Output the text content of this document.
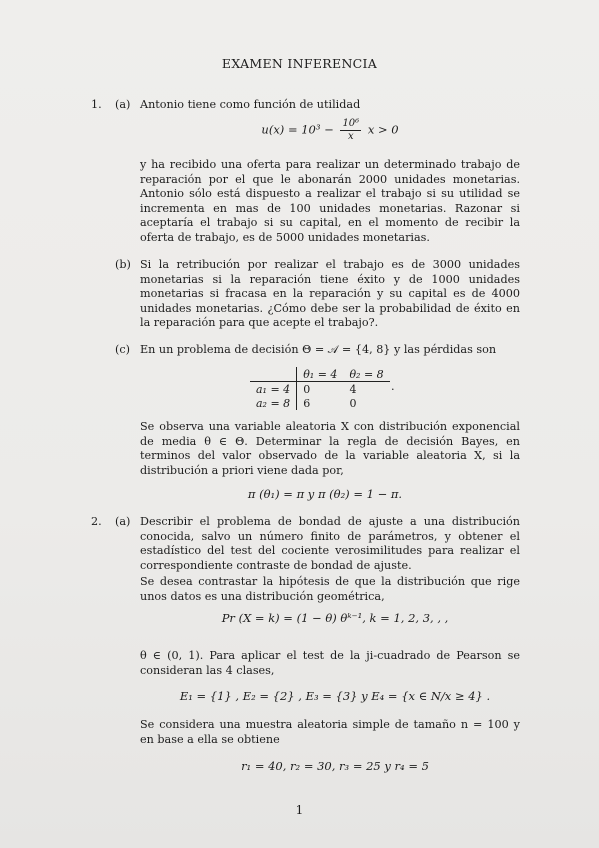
EXAMEN INFERENCIA
1. (a) Antonio tiene como función de utilidad
$u(x) = 10^3 - \frac{\text{10⁶}}{x}$ x > 0
y ha recibido una oferta para realizar un determinado trabajo de reparación por el que le abonarán 2000 unidades monetarias. Antonio sólo está dispuesto a realizar el trabajo si su utilidad se incrementa en mas de 100 unidades monetarias. Razonar si aceptaría el trabajo si su capital, en el momento de recibir la oferta de trabajo, es de 5000 unidades monetarias.
(b) Si la retribución por realizar el trabajo es de 3000 unidades monetarias si la reparación tiene éxito y de 1000 unidades monetarias si fracasa en la reparación y su capital es de 4000 unidades monetarias. ¿Cómo debe ser la probabilidad de éxito en la reparación para que acepte el trabajo?.
(c) En un problema de decisión Θ = 𝒜 = {4, 8} y las pérdidas son
	θ₁ = 4	θ₂ = 8
a₁ = 4	0	4
a₂ = 8	6	0
.
Se observa una variable aleatoria X con distribución exponencial de media θ ∈ Θ. Determinar la regla de decisión Bayes, en terminos del valor observado de la variable aleatoria X, si la distribución a priori viene dada por,
π (θ₁) = π y π (θ₂) = 1 − π.
2. (a) Describir el problema de bondad de ajuste a una distribución conocida, salvo un número finito de parámetros, y obtener el estadístico del test del cociente verosimilitudes para realizar el correspondiente contraste de bondad de ajuste.
Se desea contrastar la hipótesis de que la distribución que rige unos datos es una distribución geométrica,
Pr (X = k) = (1 − θ) θᵏ⁻¹, k = 1, 2, 3, , ,
θ ∈ (0, 1). Para aplicar el test de la ji-cuadrado de Pearson se consideran las 4 clases,
E₁ = {1} , E₂ = {2} , E₃ = {3} y E₄ = {x ∈ N/x ≥ 4} .
Se considera una muestra aleatoria simple de tamaño n = 100 y en base a ella se obtiene
r₁ = 40, r₂ = 30, r₃ = 25 y r₄ = 5
1
